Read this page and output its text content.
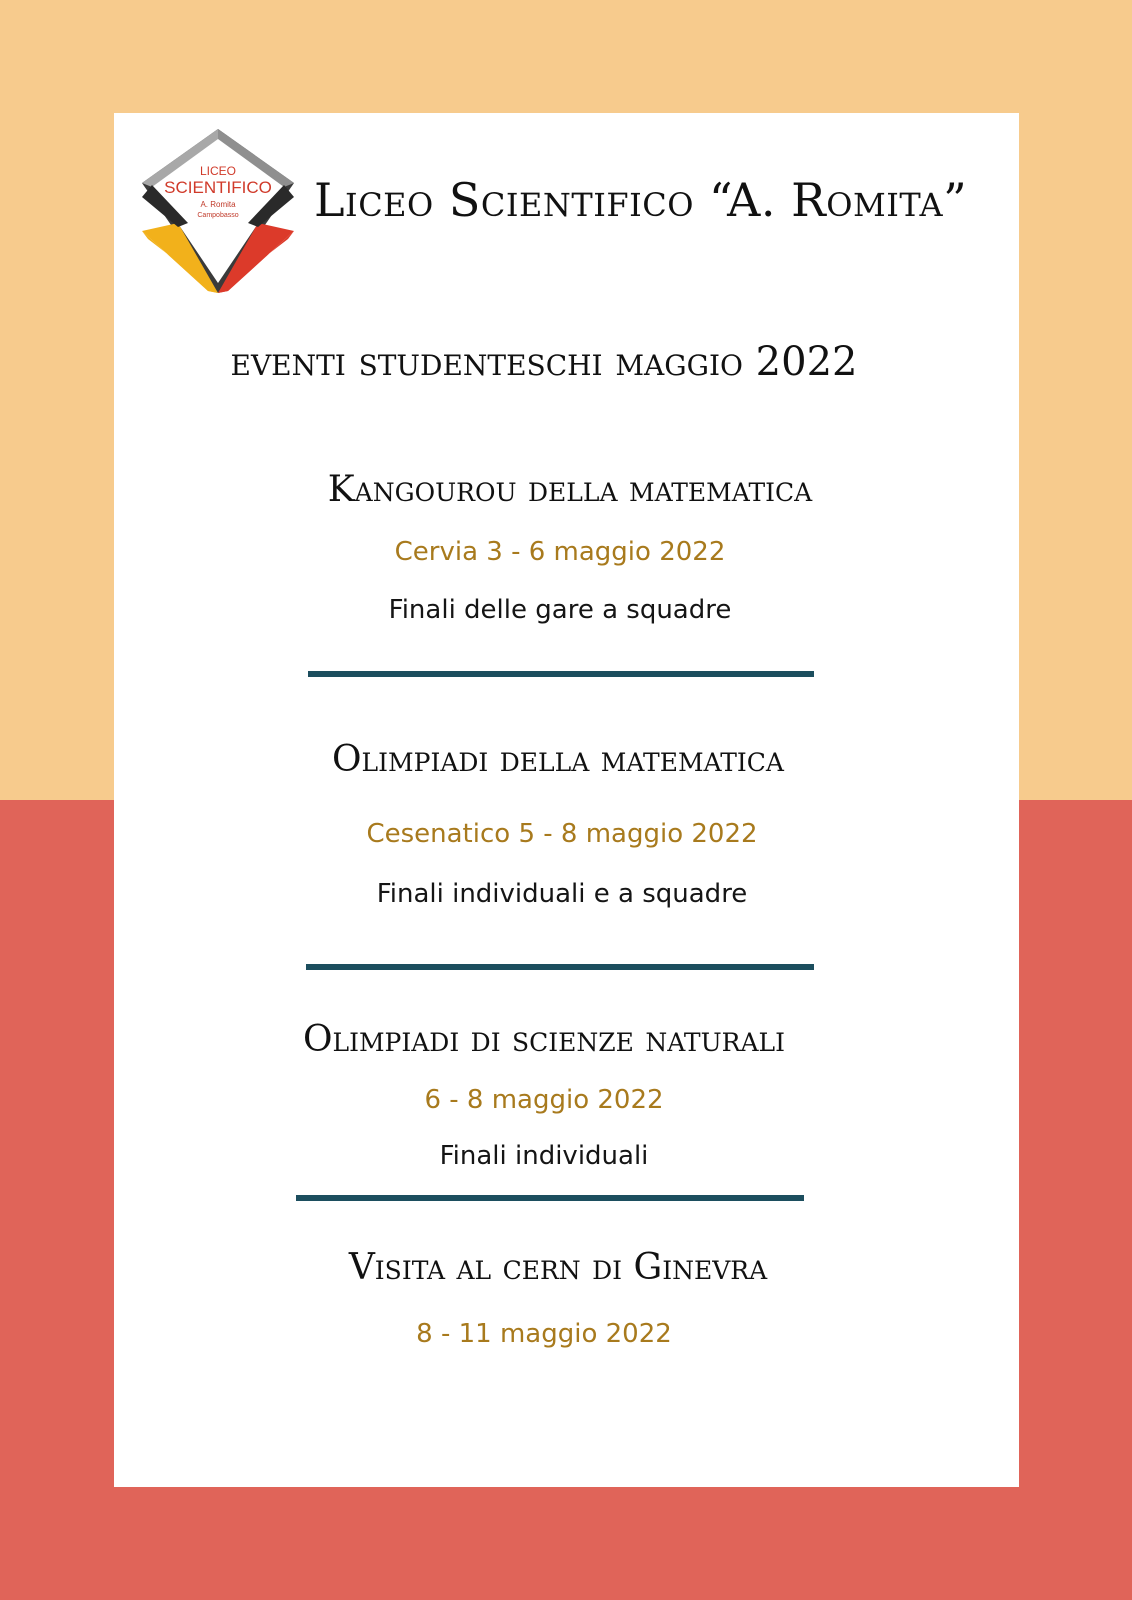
LICEO
SCIENTIFICO
A. Romita
Campobasso Liceo Scientifico “A. Romita”
eventi studenteschi maggio 2022
Kangourou della matematica
Cervia 3 - 6 maggio 2022
Finali delle gare a squadre
Olimpiadi della matematica
Cesenatico 5 - 8 maggio 2022
Finali individuali e a squadre
Olimpiadi di scienze naturali
6 - 8 maggio 2022
Finali individuali
Visita al cern di Ginevra
8 - 11 maggio 2022
